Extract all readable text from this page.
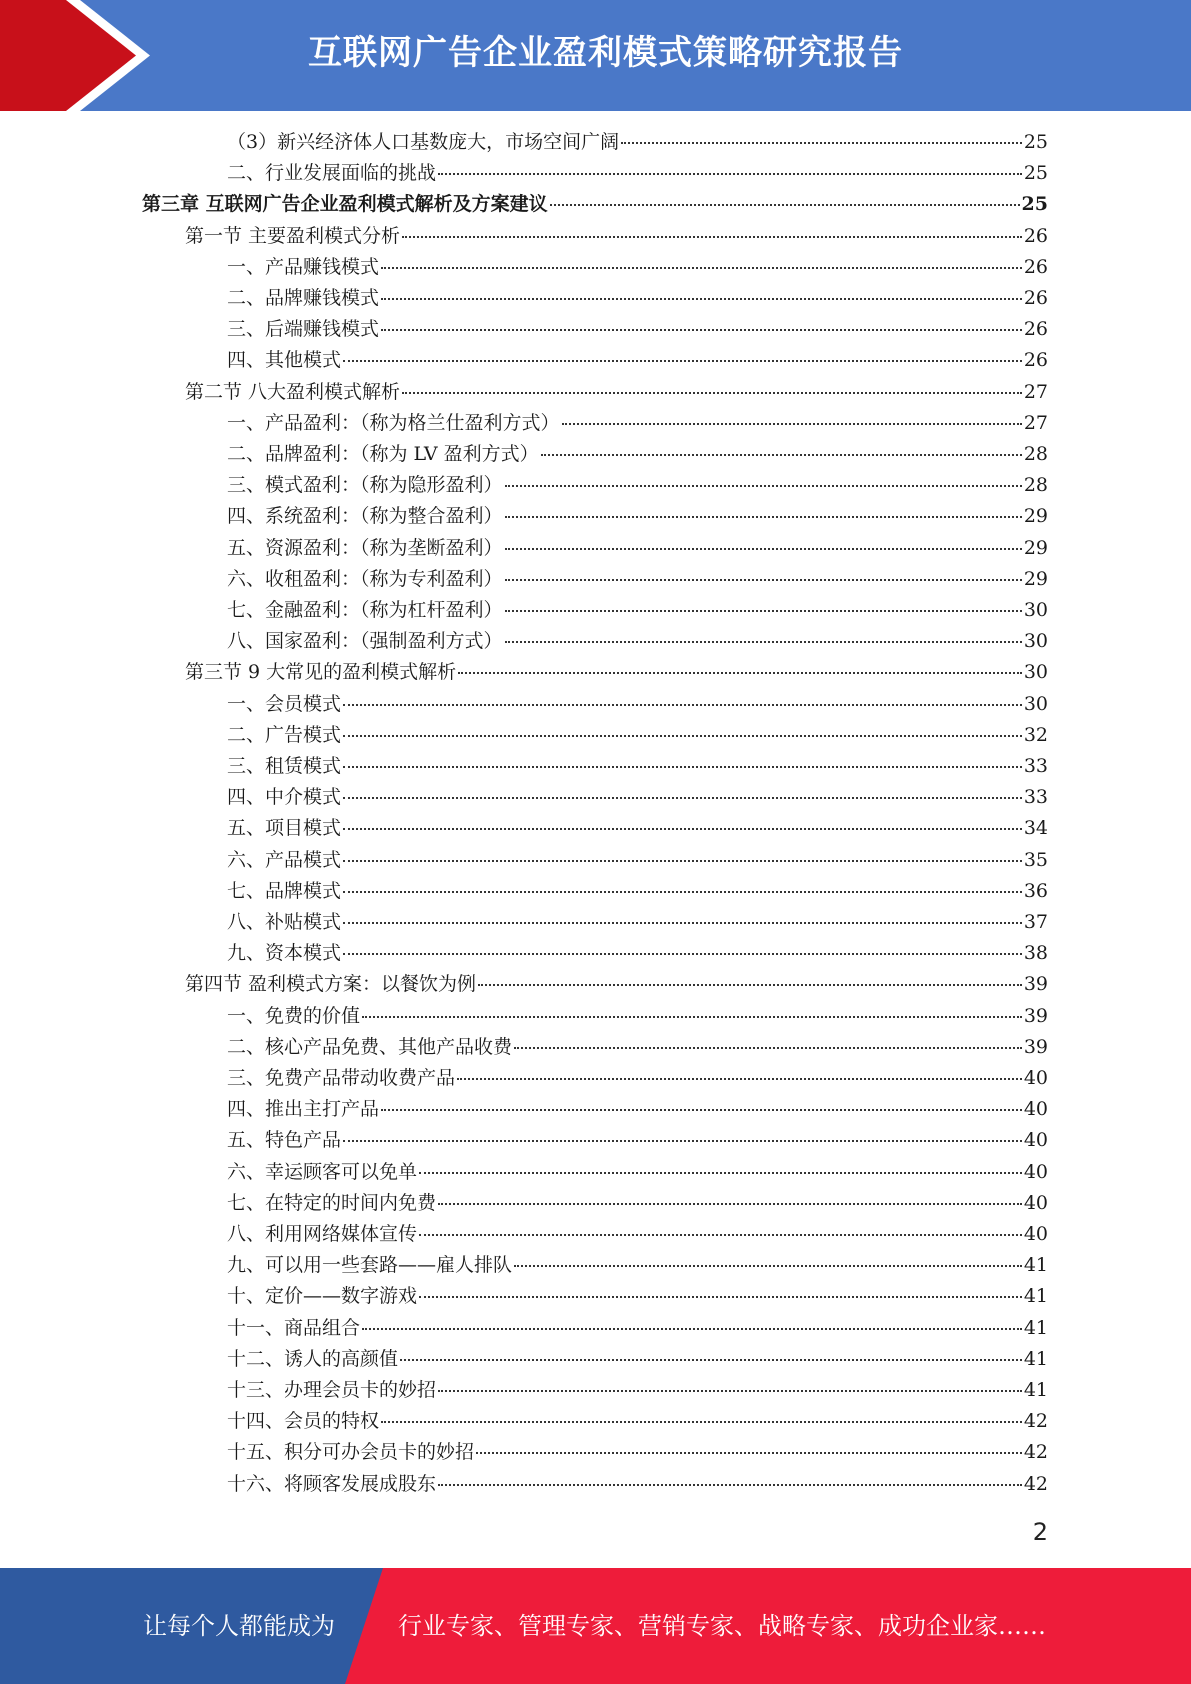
互联网广告企业盈利模式策略研究报告
（3）新兴经济体人口基数庞大，市场空间广阔	25
二、行业发展面临的挑战	25
第三章 互联网广告企业盈利模式解析及方案建议	25
第一节 主要盈利模式分析	26
一、产品赚钱模式	26
二、品牌赚钱模式	26
三、后端赚钱模式	26
四、其他模式	26
第二节 八大盈利模式解析	27
一、产品盈利：（称为格兰仕盈利方式）	27
二、品牌盈利：（称为 LV 盈利方式）	28
三、模式盈利：（称为隐形盈利）	28
四、系统盈利：（称为整合盈利）	29
五、资源盈利：（称为垄断盈利）	29
六、收租盈利：（称为专利盈利）	29
七、金融盈利：（称为杠杆盈利）	30
八、国家盈利：（强制盈利方式）	30
第三节 9 大常见的盈利模式解析	30
一、会员模式	30
二、广告模式	32
三、租赁模式	33
四、中介模式	33
五、项目模式	34
六、产品模式	35
七、品牌模式	36
八、补贴模式	37
九、资本模式	38
第四节 盈利模式方案：以餐饮为例	39
一、免费的价值	39
二、核心产品免费、其他产品收费	39
三、免费产品带动收费产品	40
四、推出主打产品	40
五、特色产品	40
六、幸运顾客可以免单	40
七、在特定的时间内免费	40
八、利用网络媒体宣传	40
九、可以用一些套路——雇人排队	41
十、定价——数字游戏	41
十一、商品组合	41
十二、诱人的高颜值	41
十三、办理会员卡的妙招	41
十四、会员的特权	42
十五、积分可办会员卡的妙招	42
十六、将顾客发展成股东	42
2
让每个人都能成为	行业专家、管理专家、营销专家、战略专家、成功企业家……
